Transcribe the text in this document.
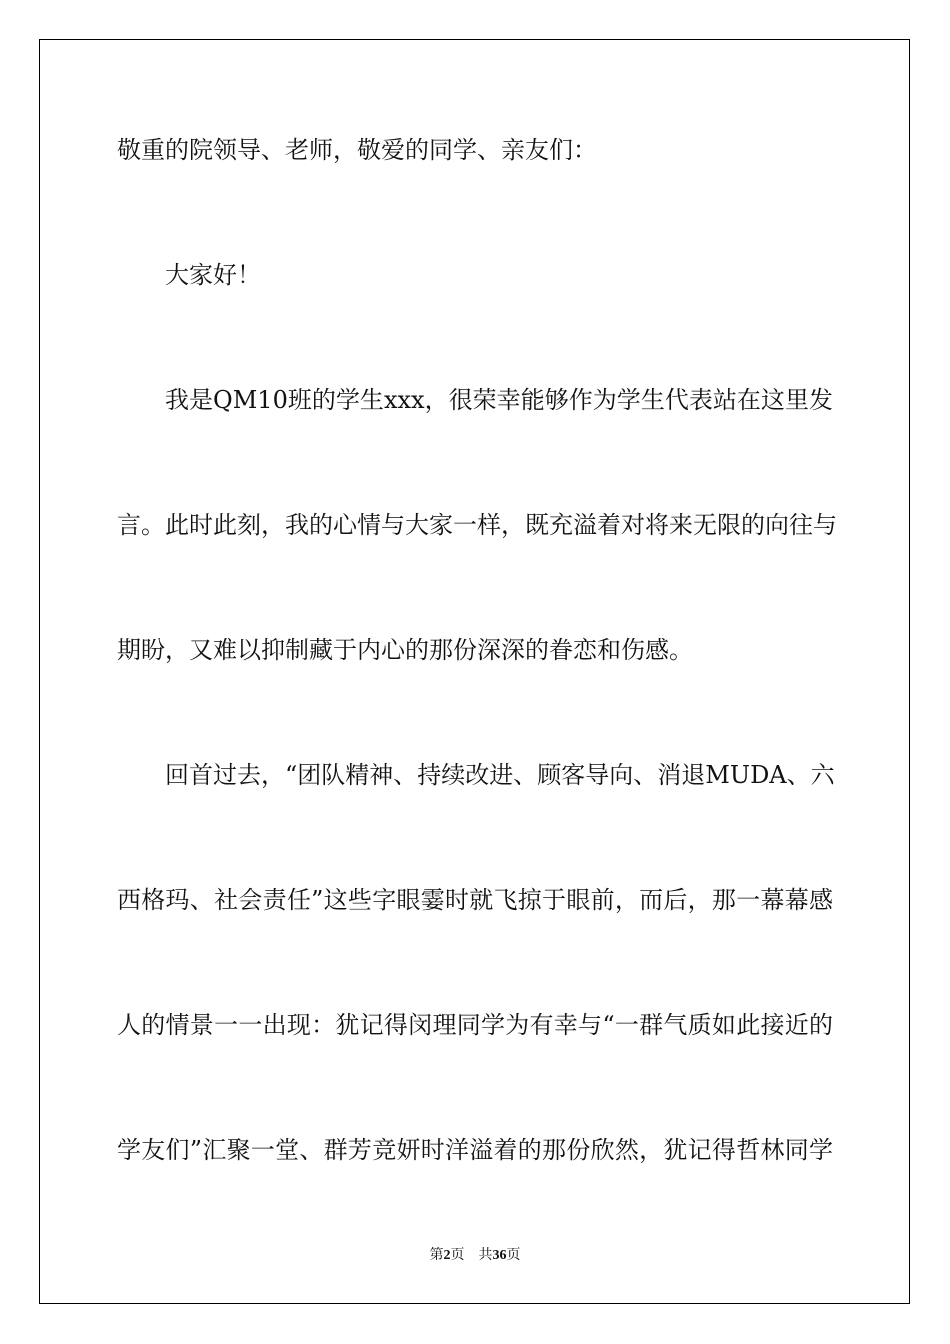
敬重的院领导、老师，敬爱的同学、亲友们：

大家好！

我是QM10班的学生xxx，很荣幸能够作为学生代表站在这里发

言。此时此刻，我的心情与大家一样，既充溢着对将来无限的向往与

期盼，又难以抑制藏于内心的那份深深的眷恋和伤感。

回首过去，“团队精神、持续改进、顾客导向、消退MUDA、六

西格玛、社会责任”这些字眼霎时就飞掠于眼前，而后，那一幕幕感

人的情景一一出现：犹记得闵理同学为有幸与“一群气质如此接近的

学友们”汇聚一堂、群芳竞妍时洋溢着的那份欣然，犹记得哲林同学

第2页　共36页
